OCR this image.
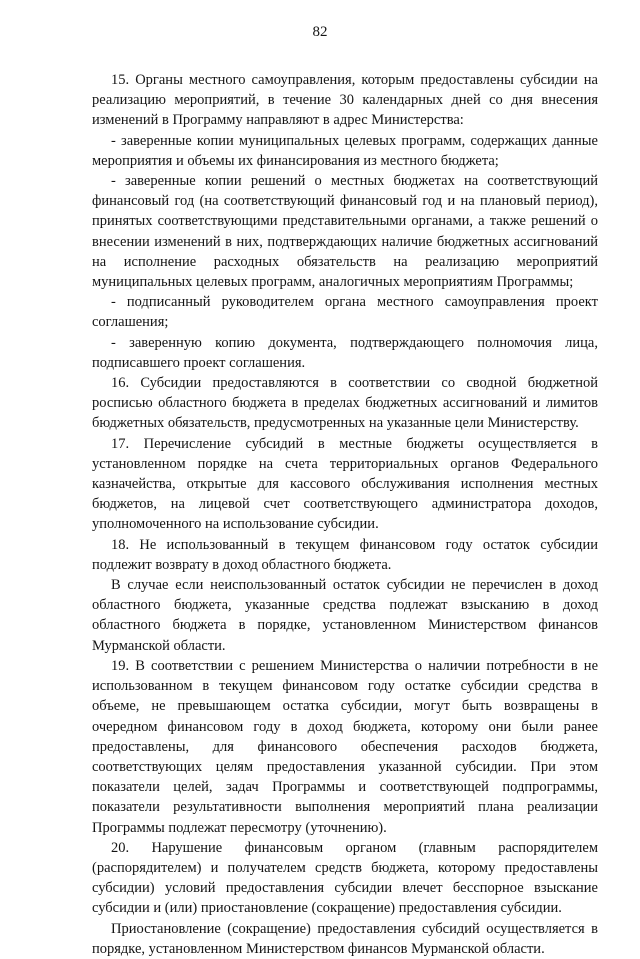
82

15. Органы местного самоуправления, которым предоставлены субсидии на реализацию мероприятий, в течение 30 календарных дней со дня внесения изменений в Программу направляют в адрес Министерства:

- заверенные копии муниципальных целевых программ, содержащих данные мероприятия и объемы их финансирования из местного бюджета;

- заверенные копии решений о местных бюджетах на соответствующий финансовый год (на соответствующий финансовый год и на плановый период), принятых соответствующими представительными органами, а также решений о внесении изменений в них, подтверждающих наличие бюджетных ассигнований на исполнение расходных обязательств на реализацию мероприятий муниципальных целевых программ, аналогичных мероприятиям Программы;

- подписанный руководителем органа местного самоуправления проект соглашения;

- заверенную копию документа, подтверждающего полномочия лица, подписавшего проект соглашения.

16. Субсидии предоставляются в соответствии со сводной бюджетной росписью областного бюджета в пределах бюджетных ассигнований и лимитов бюджетных обязательств, предусмотренных на указанные цели Министерству.

17. Перечисление субсидий в местные бюджеты осуществляется в установленном порядке на счета территориальных органов Федерального казначейства, открытые для кассового обслуживания исполнения местных бюджетов, на лицевой счет соответствующего администратора доходов, уполномоченного на использование субсидии.

18. Не использованный в текущем финансовом году остаток субсидии подлежит возврату в доход областного бюджета.

В случае если неиспользованный остаток субсидии не перечислен в доход областного бюджета, указанные средства подлежат взысканию в доход областного бюджета в порядке, установленном Министерством финансов Мурманской области.

19. В соответствии с решением Министерства о наличии потребности в не использованном в текущем финансовом году остатке субсидии средства в объеме, не превышающем остатка субсидии, могут быть возвращены в очередном финансовом году в доход бюджета, которому они были ранее предоставлены, для финансового обеспечения расходов бюджета, соответствующих целям предоставления указанной субсидии. При этом показатели целей, задач Программы и соответствующей подпрограммы, показатели результативности выполнения мероприятий плана реализации Программы подлежат пересмотру (уточнению).

20. Нарушение финансовым органом (главным распорядителем (распорядителем) и получателем средств бюджета, которому предоставлены субсидии) условий предоставления субсидии влечет бесспорное взыскание субсидии и (или) приостановление (сокращение) предоставления субсидии.

Приостановление (сокращение) предоставления субсидий осуществляется в порядке, установленном Министерством финансов Мурманской области.
